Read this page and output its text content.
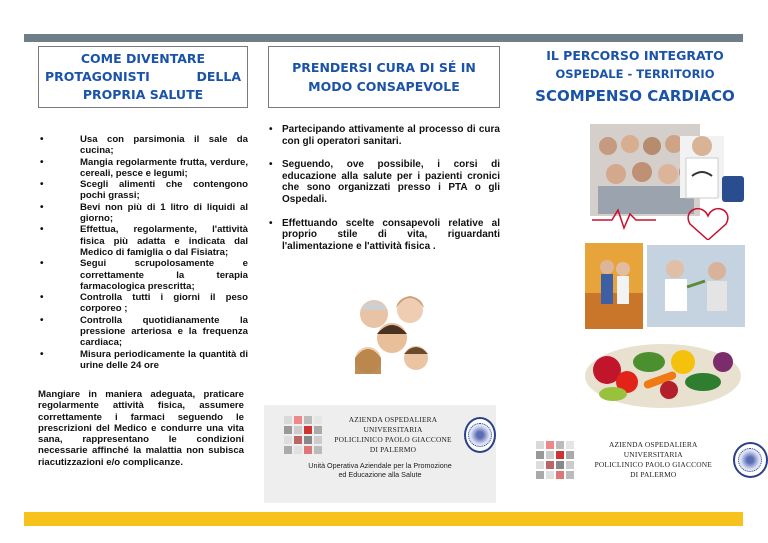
COME DIVENTARE
PROTAGONISTI	DELLA
PROPRIA SALUTE
• Usa con parsimonia il sale da cucina;
• Mangia regolarmente frutta, verdure, cereali, pesce e legumi;
• Scegli alimenti che contengono pochi grassi;
• Bevi non più di 1 litro di liquidi al giorno;
• Effettua, regolarmente, l'attività fisica più adatta e indicata dal Medico di famiglia o dal Fisiatra;
• Segui scrupolosamente e correttamente la terapia farmacologica prescritta;
• Controlla tutti i giorni il peso corporeo ;
• Controlla quotidianamente la pressione arteriosa e la frequenza cardiaca;
• Misura periodicamente la quantità di urine delle 24 ore

Mangiare in maniera adeguata, praticare regolarmente attività fisica, assumere correttamente i farmaci seguendo le prescrizioni del Medico e condurre una vita sana, rappresentano le condizioni necessarie affinché la malattia non subisca riacutizzazioni e/o complicanze.

PRENDERSI CURA DI SÉ IN
MODO CONSAPEVOLE
• Partecipando attivamente al processo di cura con gli operatori sanitari.
• Seguendo, ove possibile, i corsi di educazione alla salute per i pazienti cronici che sono organizzati presso i PTA o gli Ospedali.
• Effettuando scelte consapevoli relative al proprio stile di vita, riguardanti l'alimentazione e l'attività fisica .
AZIENDA OSPEDALIERA UNIVERSITARIA
POLICLINICO PAOLO GIACCONE
DI PALERMO
Unità Operativa Aziendale per la Promozione
ed Educazione alla Salute
IL PERCORSO INTEGRATO
OSPEDALE - TERRITORIO
SCOMPENSO CARDIACO
AZIENDA OSPEDALIERA UNIVERSITARIA
POLICLINICO PAOLO GIACCONE
DI PALERMO
